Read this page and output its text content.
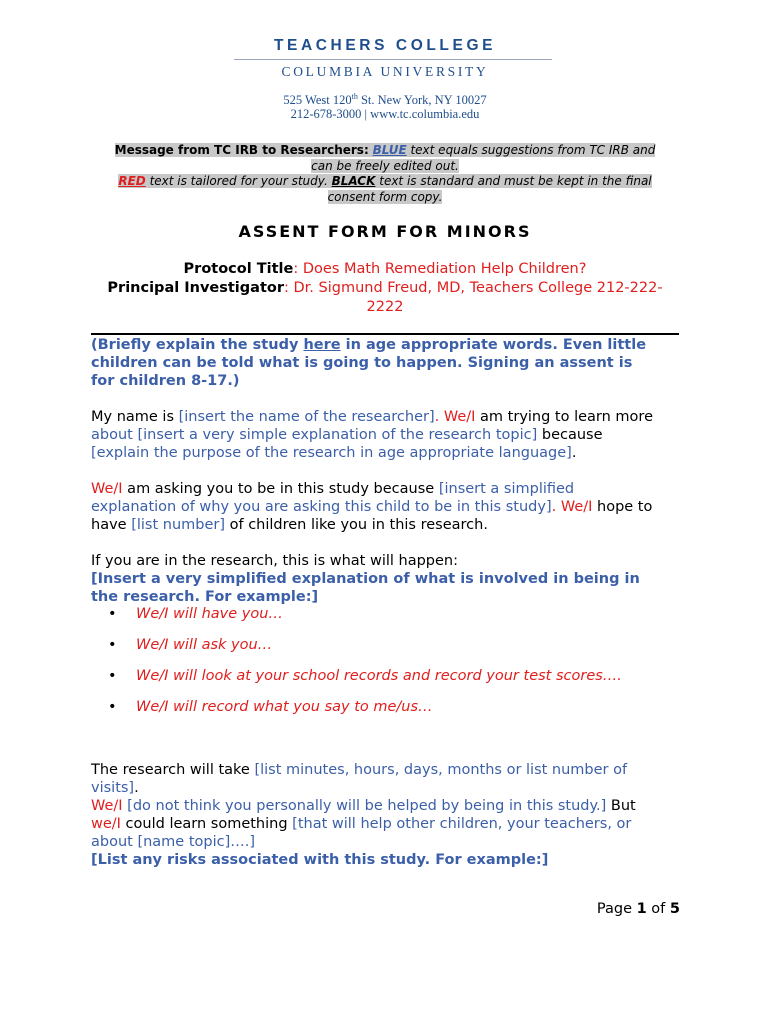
TEACHERS COLLEGE
COLUMBIA UNIVERSITY
525 West 120th St. New York, NY 10027
212-678-3000 | www.tc.columbia.edu
Message from TC IRB to Researchers: BLUE text equals suggestions from TC IRB and
can be freely edited out.
RED text is tailored for your study. BLACK text is standard and must be kept in the final
consent form copy.
ASSENT FORM FOR MINORS
Protocol Title: Does Math Remediation Help Children?
Principal Investigator: Dr. Sigmund Freud, MD, Teachers College 212-222-
2222
(Briefly explain the study here in age appropriate words. Even little
children can be told what is going to happen. Signing an assent is
for children 8-17.)
My name is [insert the name of the researcher]. We/I am trying to learn more
about [insert a very simple explanation of the research topic] because
[explain the purpose of the research in age appropriate language].
We/I am asking you to be in this study because [insert a simplified
explanation of why you are asking this child to be in this study]. We/I hope to
have [list number] of children like you in this research.
If you are in the research, this is what will happen:
[Insert a very simplified explanation of what is involved in being in
the research. For example:]
• We/I will have you…
• We/I will ask you…
• We/I will look at your school records and record your test scores….
• We/I will record what you say to me/us…
The research will take [list minutes, hours, days, months or list number of
visits].
We/I [do not think you personally will be helped by being in this study.] But
we/I could learn something [that will help other children, your teachers, or
about [name topic]….]
[List any risks associated with this study. For example:]
Page 1 of 5
